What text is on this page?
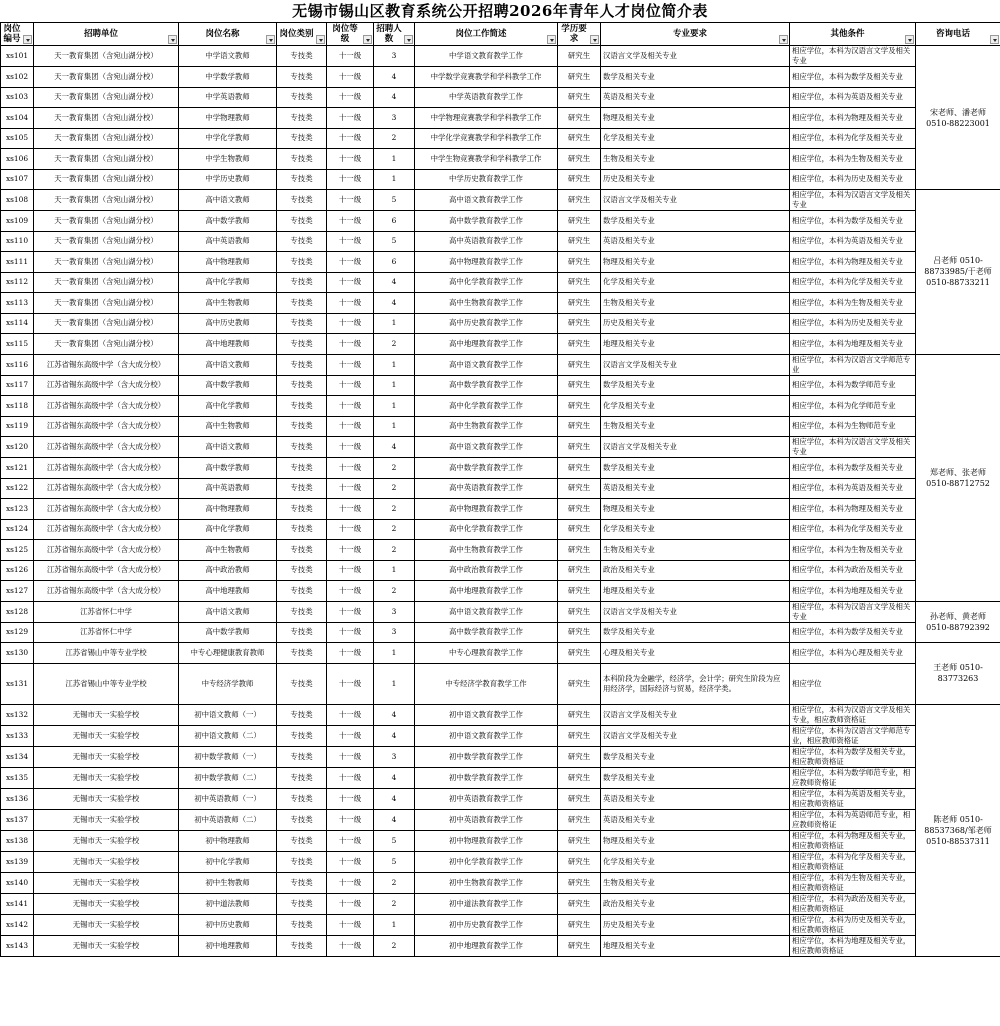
无锡市锡山区教育系统公开招聘2026年青年人才岗位简介表
岗位编号	招聘单位	岗位名称	岗位类别	岗位等级	招聘人数	岗位工作简述	学历要求	专业要求	其他条件	咨询电话

xs101	天一教育集团（含宛山湖分校）	中学语文教师	专技类	十一级	3	中学语文教育教学工作	研究生	汉语言文学及相关专业	相应学位，本科为汉语言文学及相关专业	宋老师、潘老师 0510-88223001

xs102	天一教育集团（含宛山湖分校）	中学数学教师	专技类	十一级	4	中学数学竞赛教学和学科教学工作	研究生	数学及相关专业	相应学位，本科为数学及相关专业	

xs103	天一教育集团（含宛山湖分校）	中学英语教师	专技类	十一级	4	中学英语教育教学工作	研究生	英语及相关专业	相应学位，本科为英语及相关专业	

xs104	天一教育集团（含宛山湖分校）	中学物理教师	专技类	十一级	3	中学物理竞赛教学和学科教学工作	研究生	物理及相关专业	相应学位，本科为物理及相关专业	

xs105	天一教育集团（含宛山湖分校）	中学化学教师	专技类	十一级	2	中学化学竞赛教学和学科教学工作	研究生	化学及相关专业	相应学位，本科为化学及相关专业	

xs106	天一教育集团（含宛山湖分校）	中学生物教师	专技类	十一级	1	中学生物竞赛教学和学科教学工作	研究生	生物及相关专业	相应学位，本科为生物及相关专业	

xs107	天一教育集团（含宛山湖分校）	中学历史教师	专技类	十一级	1	中学历史教育教学工作	研究生	历史及相关专业	相应学位，本科为历史及相关专业	

xs108	天一教育集团（含宛山湖分校）	高中语文教师	专技类	十一级	5	高中语文教育教学工作	研究生	汉语言文学及相关专业	相应学位，本科为汉语言文学及相关专业	吕老师 0510-88733985/于老师 0510-88733211

xs109	天一教育集团（含宛山湖分校）	高中数学教师	专技类	十一级	6	高中数学教育教学工作	研究生	数学及相关专业	相应学位，本科为数学及相关专业	

xs110	天一教育集团（含宛山湖分校）	高中英语教师	专技类	十一级	5	高中英语教育教学工作	研究生	英语及相关专业	相应学位，本科为英语及相关专业	

xs111	天一教育集团（含宛山湖分校）	高中物理教师	专技类	十一级	6	高中物理教育教学工作	研究生	物理及相关专业	相应学位，本科为物理及相关专业	

xs112	天一教育集团（含宛山湖分校）	高中化学教师	专技类	十一级	4	高中化学教育教学工作	研究生	化学及相关专业	相应学位，本科为化学及相关专业	

xs113	天一教育集团（含宛山湖分校）	高中生物教师	专技类	十一级	4	高中生物教育教学工作	研究生	生物及相关专业	相应学位，本科为生物及相关专业	

xs114	天一教育集团（含宛山湖分校）	高中历史教师	专技类	十一级	1	高中历史教育教学工作	研究生	历史及相关专业	相应学位，本科为历史及相关专业	

xs115	天一教育集团（含宛山湖分校）	高中地理教师	专技类	十一级	2	高中地理教育教学工作	研究生	地理及相关专业	相应学位，本科为地理及相关专业	

xs116	江苏省锡东高级中学（含大成分校）	高中语文教师	专技类	十一级	1	高中语文教育教学工作	研究生	汉语言文学及相关专业	相应学位，本科为汉语言文学师范专业	郑老师、张老师 0510-88712752

xs117	江苏省锡东高级中学（含大成分校）	高中数学教师	专技类	十一级	1	高中数学教育教学工作	研究生	数学及相关专业	相应学位，本科为数学师范专业	

xs118	江苏省锡东高级中学（含大成分校）	高中化学教师	专技类	十一级	1	高中化学教育教学工作	研究生	化学及相关专业	相应学位，本科为化学师范专业	

xs119	江苏省锡东高级中学（含大成分校）	高中生物教师	专技类	十一级	1	高中生物教育教学工作	研究生	生物及相关专业	相应学位，本科为生物师范专业	

xs120	江苏省锡东高级中学（含大成分校）	高中语文教师	专技类	十一级	4	高中语文教育教学工作	研究生	汉语言文学及相关专业	相应学位，本科为汉语言文学及相关专业	

xs121	江苏省锡东高级中学（含大成分校）	高中数学教师	专技类	十一级	2	高中数学教育教学工作	研究生	数学及相关专业	相应学位，本科为数学及相关专业	

xs122	江苏省锡东高级中学（含大成分校）	高中英语教师	专技类	十一级	2	高中英语教育教学工作	研究生	英语及相关专业	相应学位，本科为英语及相关专业	

xs123	江苏省锡东高级中学（含大成分校）	高中物理教师	专技类	十一级	2	高中物理教育教学工作	研究生	物理及相关专业	相应学位，本科为物理及相关专业	

xs124	江苏省锡东高级中学（含大成分校）	高中化学教师	专技类	十一级	2	高中化学教育教学工作	研究生	化学及相关专业	相应学位，本科为化学及相关专业	

xs125	江苏省锡东高级中学（含大成分校）	高中生物教师	专技类	十一级	2	高中生物教育教学工作	研究生	生物及相关专业	相应学位，本科为生物及相关专业	

xs126	江苏省锡东高级中学（含大成分校）	高中政治教师	专技类	十一级	1	高中政治教育教学工作	研究生	政治及相关专业	相应学位，本科为政治及相关专业	

xs127	江苏省锡东高级中学（含大成分校）	高中地理教师	专技类	十一级	2	高中地理教育教学工作	研究生	地理及相关专业	相应学位，本科为地理及相关专业	

xs128	江苏省怀仁中学	高中语文教师	专技类	十一级	3	高中语文教育教学工作	研究生	汉语言文学及相关专业	相应学位，本科为汉语言文学及相关专业	孙老师、黄老师 0510-88792392

xs129	江苏省怀仁中学	高中数学教师	专技类	十一级	3	高中数学教育教学工作	研究生	数学及相关专业	相应学位，本科为数学及相关专业	

xs130	江苏省锡山中等专业学校	中专心理健康教育教师	专技类	十一级	1	中专心理教育教学工作	研究生	心理及相关专业	相应学位，本科为心理及相关专业	王老师 0510-83773263

xs131	江苏省锡山中等专业学校	中专经济学教师	专技类	十一级	1	中专经济学教育教学工作	研究生	本科阶段为金融学，经济学，会计学；研究生阶段为应用经济学，国际经济与贸易，经济学类。	相应学位	

xs132	无锡市天一实验学校	初中语文教师（一）	专技类	十一级	4	初中语文教育教学工作	研究生	汉语言文学及相关专业	相应学位，本科为汉语言文学及相关专业，相应教师资格证	陈老师 0510-88537368/邹老师 0510-88537311

xs133	无锡市天一实验学校	初中语文教师（二）	专技类	十一级	4	初中语文教育教学工作	研究生	汉语言文学及相关专业	相应学位，本科为汉语言文学师范专业，相应教师资格证	

xs134	无锡市天一实验学校	初中数学教师（一）	专技类	十一级	3	初中数学教育教学工作	研究生	数学及相关专业	相应学位，本科为数学及相关专业，相应教师资格证	

xs135	无锡市天一实验学校	初中数学教师（二）	专技类	十一级	4	初中数学教育教学工作	研究生	数学及相关专业	相应学位，本科为数学师范专业，相应教师资格证	

xs136	无锡市天一实验学校	初中英语教师（一）	专技类	十一级	4	初中英语教育教学工作	研究生	英语及相关专业	相应学位，本科为英语及相关专业，相应教师资格证	

xs137	无锡市天一实验学校	初中英语教师（二）	专技类	十一级	4	初中英语教育教学工作	研究生	英语及相关专业	相应学位，本科为英语师范专业，相应教师资格证	

xs138	无锡市天一实验学校	初中物理教师	专技类	十一级	5	初中物理教育教学工作	研究生	物理及相关专业	相应学位，本科为物理及相关专业，相应教师资格证	

xs139	无锡市天一实验学校	初中化学教师	专技类	十一级	5	初中化学教育教学工作	研究生	化学及相关专业	相应学位，本科为化学及相关专业，相应教师资格证	

xs140	无锡市天一实验学校	初中生物教师	专技类	十一级	2	初中生物教育教学工作	研究生	生物及相关专业	相应学位，本科为生物及相关专业，相应教师资格证	

xs141	无锡市天一实验学校	初中道法教师	专技类	十一级	2	初中道法教育教学工作	研究生	政治及相关专业	相应学位，本科为政治及相关专业，相应教师资格证	

xs142	无锡市天一实验学校	初中历史教师	专技类	十一级	1	初中历史教育教学工作	研究生	历史及相关专业	相应学位，本科为历史及相关专业，相应教师资格证	

xs143	无锡市天一实验学校	初中地理教师	专技类	十一级	2	初中地理教育教学工作	研究生	地理及相关专业	相应学位，本科为地理及相关专业，相应教师资格证	
